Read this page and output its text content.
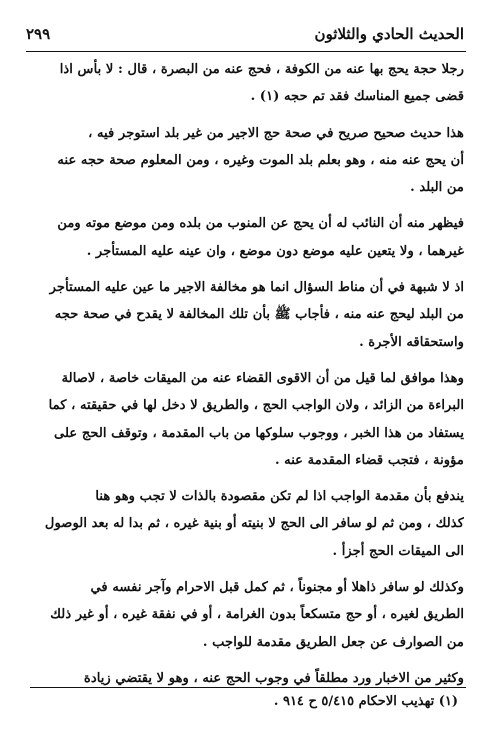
الحديث الحادي والثلاثون
٢٩٩
رجلا حجة يحج بها عنه من الكوفة ، فحج عنه من البصرة ، قال : لا بأس اذا
قضى جميع المناسك فقد تم حجه (١) .
هذا حديث صحيح صريح في صحة حج الاجير من غير بلد استوجر فيه ،
أن يحج عنه منه ، وهو بعلم بلد الموت وغيره ، ومن المعلوم صحة حجه عنه
من البلد .
فيظهر منه أن النائب له أن يحج عن المنوب من بلده ومن موضع موته ومن
غيرهما ، ولا يتعين عليه موضع دون موضع ، وان عينه عليه المستأجر .
اذ لا شبهة في أن مناط السؤال انما هو مخالفة الاجير ما عين عليه المستأجر
من البلد ليحج عنه منه ، فأجاب ﷺ بأن تلك المخالفة لا يقدح في صحة حجه
واستحقاقه الأجرة .
وهذا موافق لما قيل من أن الاقوى القضاء عنه من الميقات خاصة ، لاصالة
البراءة من الزائد ، ولان الواجب الحج ، والطريق لا دخل لها في حقيقته ، كما
يستفاد من هذا الخبر ، ووجوب سلوكها من باب المقدمة ، وتوقف الحج على
مؤونة ، فتجب قضاء المقدمة عنه .
يندفع بأن مقدمة الواجب اذا لم تكن مقصودة بالذات لا تجب وهو هنا
كذلك ، ومن ثم لو سافر الى الحج لا بنيته أو بنية غيره ، ثم بدا له بعد الوصول
الى الميقات الحج أجزأ .
وكذلك لو سافر ذاهلا أو مجنوناً ، ثم كمل قبل الاحرام وآجر نفسه في
الطريق لغيره ، أو حج متسكعاً بدون الغرامة ، أو في نفقة غيره ، أو غير ذلك
من الصوارف عن جعل الطريق مقدمة للواجب .
وكثير من الاخبار ورد مطلقاً في وجوب الحج عنه ، وهو لا يقتضي زيادة
(١) تهذيب الاحكام ٥/٤١٥ ح ٩١٤ .
